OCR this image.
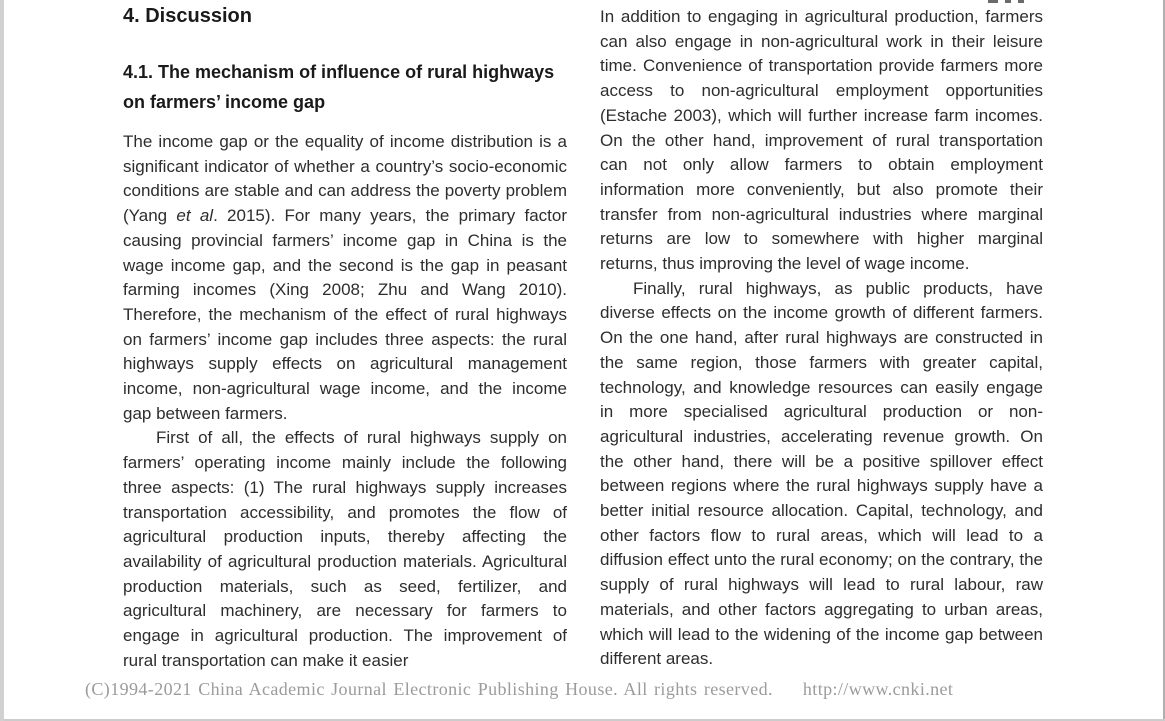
4. Discussion
4.1. The mechanism of influence of rural highways on farmers’ income gap

The income gap or the equality of income distribution is a significant indicator of whether a country’s socio-economic conditions are stable and can address the poverty problem (Yang et al. 2015). For many years, the primary factor causing provincial farmers’ income gap in China is the wage income gap, and the second is the gap in peasant farming incomes (Xing 2008; Zhu and Wang 2010). Therefore, the mechanism of the effect of rural highways on farmers’ income gap includes three aspects: the rural highways supply effects on agricultural management income, non-agricultural wage income, and the income gap between farmers.

First of all, the effects of rural highways supply on farmers’ operating income mainly include the following three aspects: (1) The rural highways supply increases transportation accessibility, and promotes the flow of agricultural production inputs, thereby affecting the availability of agricultural production materials. Agricultural production materials, such as seed, fertilizer, and agricultural machinery, are necessary for farmers to engage in agricultural production. The improvement of rural transportation can make it easier

In addition to engaging in agricultural production, farmers can also engage in non-agricultural work in their leisure time. Convenience of transportation provide farmers more access to non-agricultural employment opportunities (Estache 2003), which will further increase farm incomes. On the other hand, improvement of rural transportation can not only allow farmers to obtain employment information more conveniently, but also promote their transfer from non-agricultural industries where marginal returns are low to somewhere with higher marginal returns, thus improving the level of wage income.

Finally, rural highways, as public products, have diverse effects on the income growth of different farmers. On the one hand, after rural highways are constructed in the same region, those farmers with greater capital, technology, and knowledge resources can easily engage in more specialised agricultural production or non-agricultural industries, accelerating revenue growth. On the other hand, there will be a positive spillover effect between regions where the rural highways supply have a better initial resource allocation. Capital, technology, and other factors flow to rural areas, which will lead to a diffusion effect unto the rural economy; on the contrary, the supply of rural highways will lead to rural labour, raw materials, and other factors aggregating to urban areas, which will lead to the widening of the income gap between different areas.

(C)1994-2021 China Academic Journal Electronic Publishing House. All rights reserved. http://www.cnki.net
